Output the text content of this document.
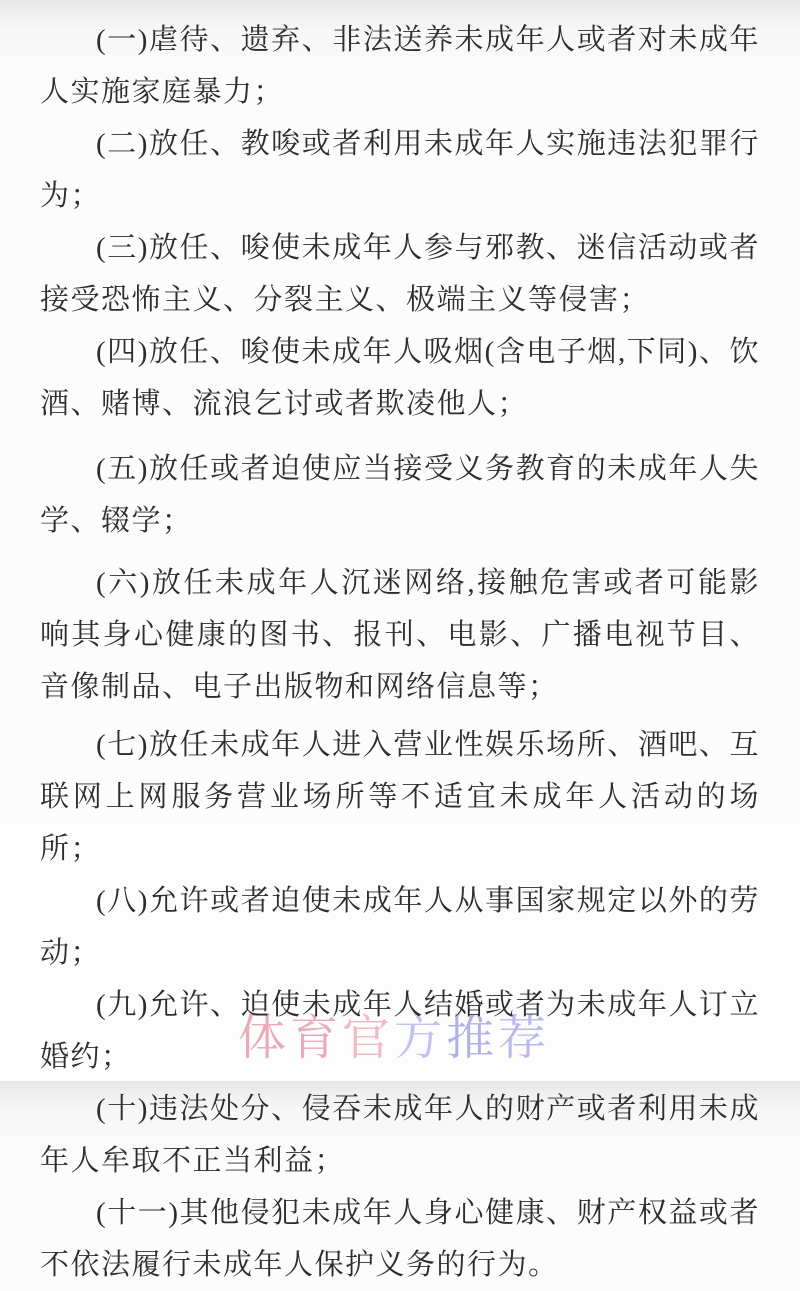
(一)虐待、遗弃、非法送养未成年人或者对未成年人实施家庭暴力；

(二)放任、教唆或者利用未成年人实施违法犯罪行为；

(三)放任、唆使未成年人参与邪教、迷信活动或者接受恐怖主义、分裂主义、极端主义等侵害；

(四)放任、唆使未成年人吸烟(含电子烟,下同)、饮酒、赌博、流浪乞讨或者欺凌他人；

(五)放任或者迫使应当接受义务教育的未成年人失学、辍学；

(六)放任未成年人沉迷网络,接触危害或者可能影响其身心健康的图书、报刊、电影、广播电视节目、音像制品、电子出版物和网络信息等；

(七)放任未成年人进入营业性娱乐场所、酒吧、互联网上网服务营业场所等不适宜未成年人活动的场所；

(八)允许或者迫使未成年人从事国家规定以外的劳动；

(九)允许、迫使未成年人结婚或者为未成年人订立婚约；

(十)违法处分、侵吞未成年人的财产或者利用未成年人牟取不正当利益；

(十一)其他侵犯未成年人身心健康、财产权益或者不依法履行未成年人保护义务的行为。

体育官方推荐
